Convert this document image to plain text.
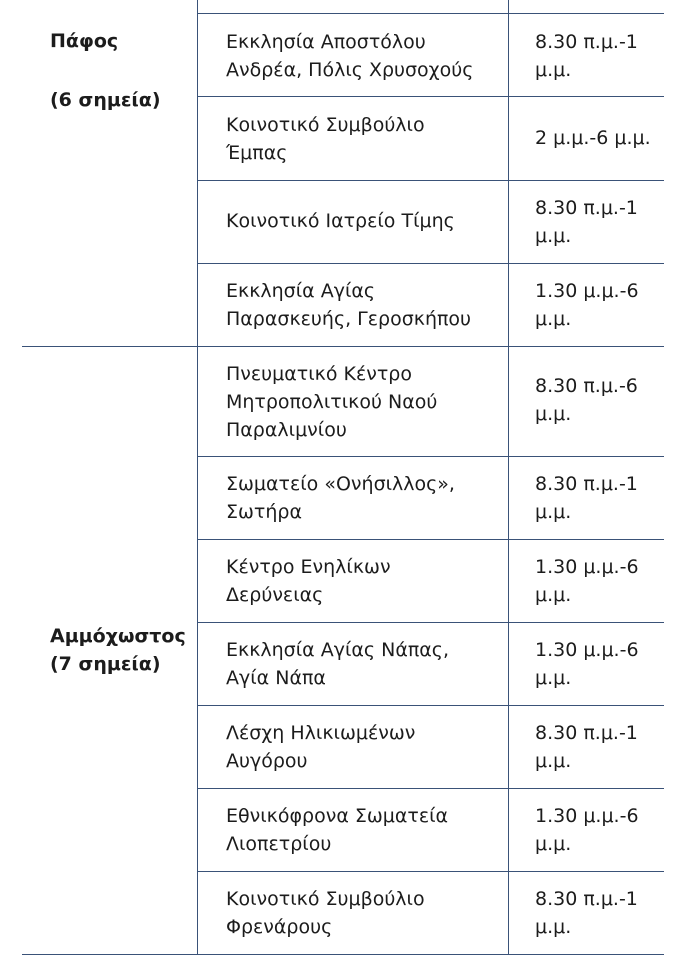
Πάφος
(6 σημεία)
Αμμόχωστος
(7 σημεία)
Εκκλησία Αποστόλου
Ανδρέα, Πόλις Χρυσοχούς
8.30 π.μ.-1
μ.μ.
Κοινοτικό Συμβούλιο
Έμπας
2 μ.μ.-6 μ.μ.
Κοινοτικό Ιατρείο Τίμης
8.30 π.μ.-1
μ.μ.
Εκκλησία Αγίας
Παρασκευής, Γεροσκήπου
1.30 μ.μ.-6
μ.μ.
Πνευματικό Κέντρο
Μητροπολιτικού Ναού
Παραλιμνίου
8.30 π.μ.-6
μ.μ.
Σωματείο «Ονήσιλλος»,
Σωτήρα
8.30 π.μ.-1
μ.μ.
Κέντρο Ενηλίκων
Δερύνειας
1.30 μ.μ.-6
μ.μ.
Εκκλησία Αγίας Νάπας,
Αγία Νάπα
1.30 μ.μ.-6
μ.μ.
Λέσχη Ηλικιωμένων
Αυγόρου
8.30 π.μ.-1
μ.μ.
Εθνικόφρονα Σωματεία
Λιοπετρίου
1.30 μ.μ.-6
μ.μ.
Κοινοτικό Συμβούλιο
Φρενάρους
8.30 π.μ.-1
μ.μ.
